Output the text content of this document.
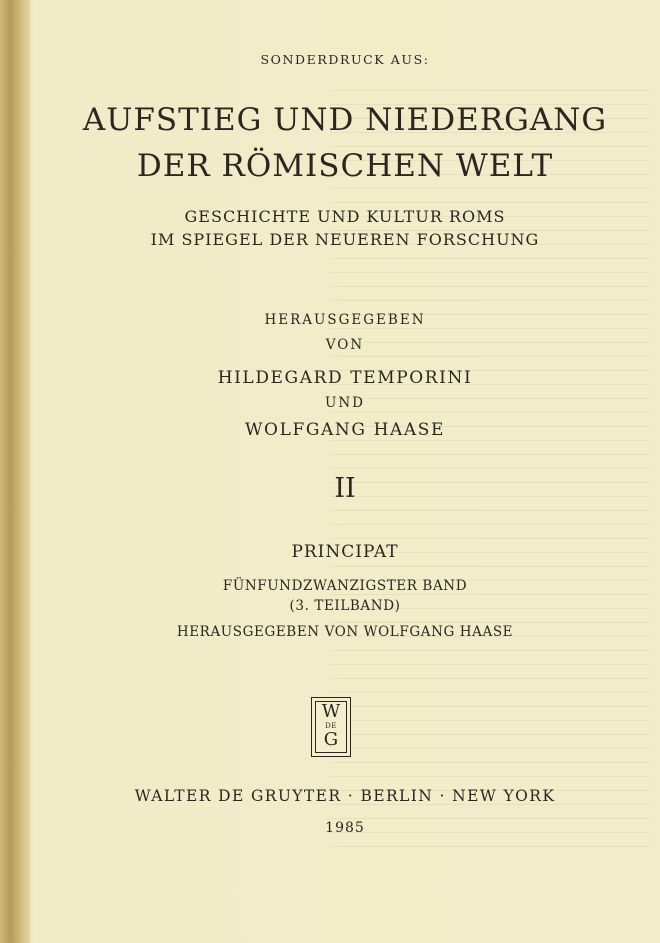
SONDERDRUCK AUS:
AUFSTIEG UND NIEDERGANG
DER RÖMISCHEN WELT
GESCHICHTE UND KULTUR ROMS
IM SPIEGEL DER NEUEREN FORSCHUNG
HERAUSGEGEBEN
VON
HILDEGARD TEMPORINI
UND
WOLFGANG HAASE
II
PRINCIPAT
FÜNFUNDZWANZIGSTER BAND
(3. TEILBAND)
HERAUSGEGEBEN VON WOLFGANG HAASE
W
DE
G
WALTER DE GRUYTER · BERLIN · NEW YORK
1985
